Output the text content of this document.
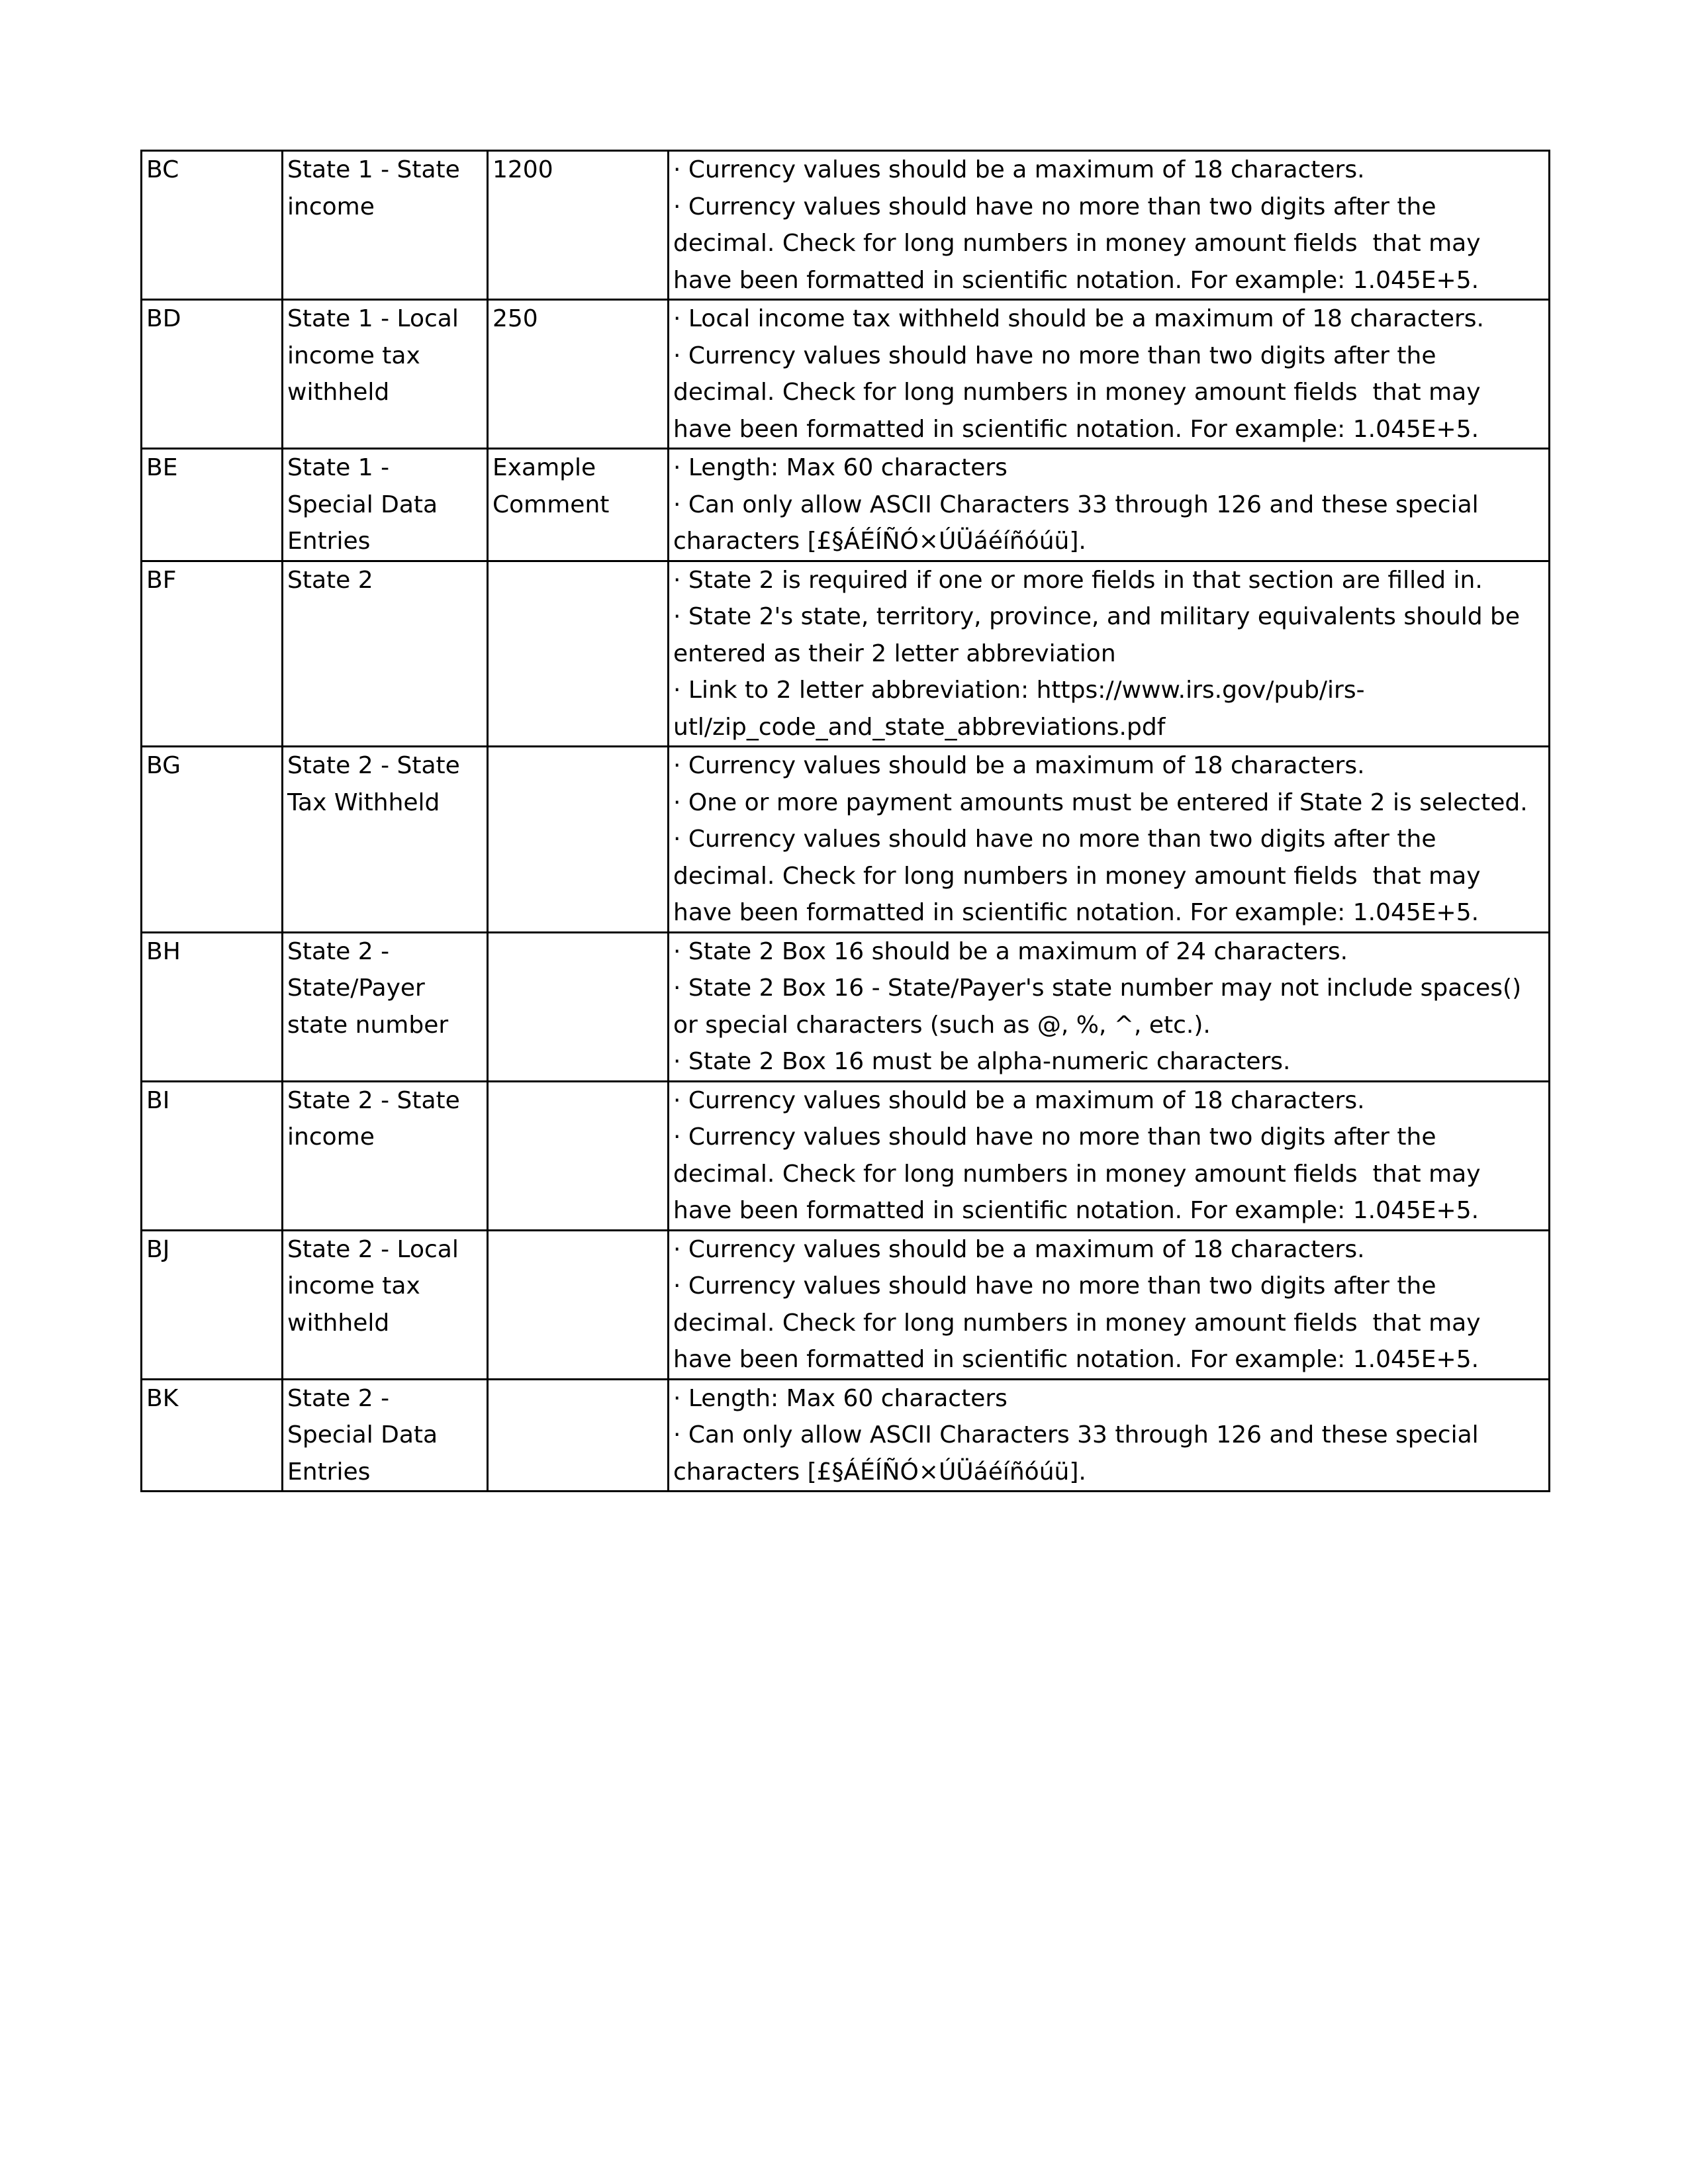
BC	State 1 - State income	1200	· Currency values should be a maximum of 18 characters.
· Currency values should have no more than two digits after the decimal. Check for long numbers in money amount fields  that may have been formatted in scientific notation. For example: 1.045E+5.

BD	State 1 - Local income tax withheld	250	· Local income tax withheld should be a maximum of 18 characters.
· Currency values should have no more than two digits after the decimal. Check for long numbers in money amount fields  that may have been formatted in scientific notation. For example: 1.045E+5.

BE	State 1 - Special Data Entries	Example Comment	· Length: Max 60 characters
· Can only allow ASCII Characters 33 through 126 and these special characters [£§ÁÉÍÑÓ×ÚÜáéíñóúü].

BF	State 2		· State 2 is required if one or more fields in that section are filled in.
· State 2's state, territory, province, and military equivalents should be entered as their 2 letter abbreviation
· Link to 2 letter abbreviation: https://www.irs.gov/pub/irs-utl/zip_code_and_state_abbreviations.pdf

BG	State 2 - State Tax Withheld		· Currency values should be a maximum of 18 characters.
· One or more payment amounts must be entered if State 2 is selected.
· Currency values should have no more than two digits after the decimal. Check for long numbers in money amount fields  that may have been formatted in scientific notation. For example: 1.045E+5.

BH	State 2 - State/Payer state number		· State 2 Box 16 should be a maximum of 24 characters.
· State 2 Box 16 - State/Payer's state number may not include spaces() or special characters (such as @, %, ^, etc.).
· State 2 Box 16 must be alpha-numeric characters.

BI	State 2 - State income		· Currency values should be a maximum of 18 characters.
· Currency values should have no more than two digits after the decimal. Check for long numbers in money amount fields  that may have been formatted in scientific notation. For example: 1.045E+5.

BJ	State 2 - Local income tax withheld		· Currency values should be a maximum of 18 characters.
· Currency values should have no more than two digits after the decimal. Check for long numbers in money amount fields  that may have been formatted in scientific notation. For example: 1.045E+5.

BK	State 2 - Special Data Entries		· Length: Max 60 characters
· Can only allow ASCII Characters 33 through 126 and these special characters [£§ÁÉÍÑÓ×ÚÜáéíñóúü].
